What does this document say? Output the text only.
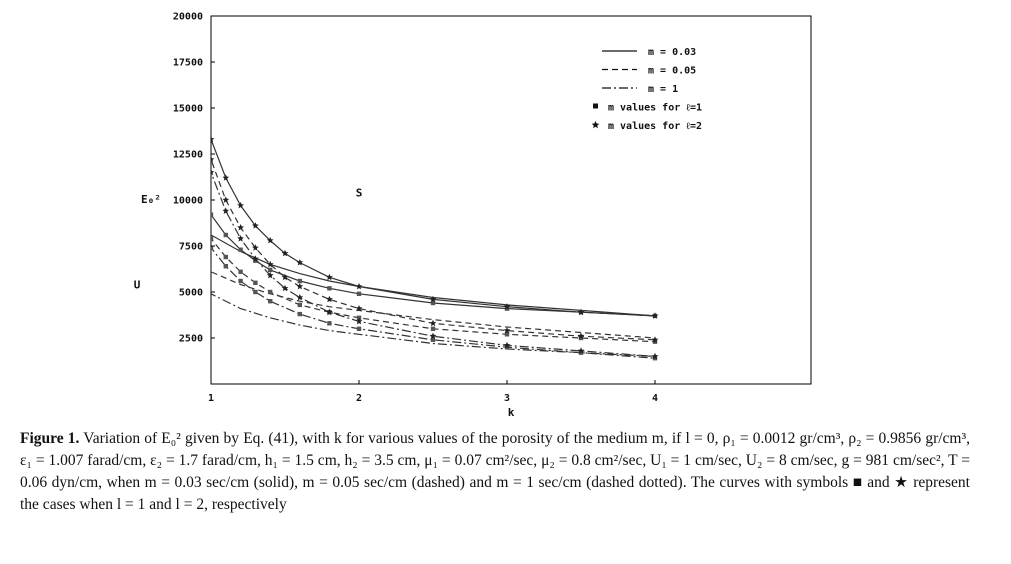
2500
5000
7500
10000
12500
15000
17500
20000
1	2	3	4
S
U
m = 0.03
m = 0.05
m = 1
m values for ℓ=1
m values for ℓ=2
k
E₀²
Figure 1. Variation of E₀² given by Eq. (41), with k for various values of the porosity of the medium m, if l = 0, ρ₁ = 0.0012 gr/cm³, ρ₂ = 0.9856 gr/cm³, ε₁ = 1.007 farad/cm, ε₂ = 1.7 farad/cm, h₁ = 1.5 cm, h₂ = 3.5 cm, μ₁ = 0.07 cm²/sec, μ₂ = 0.8 cm²/sec, U₁ = 1 cm/sec, U₂ = 8 cm/sec, g = 981 cm/sec², T = 0.06 dyn/cm, when m = 0.03 sec/cm (solid), m = 0.05 sec/cm (dashed) and m = 1 sec/cm (dashed dotted). The curves with symbols ■ and ★ represent the cases when l = 1 and l = 2, respectively
